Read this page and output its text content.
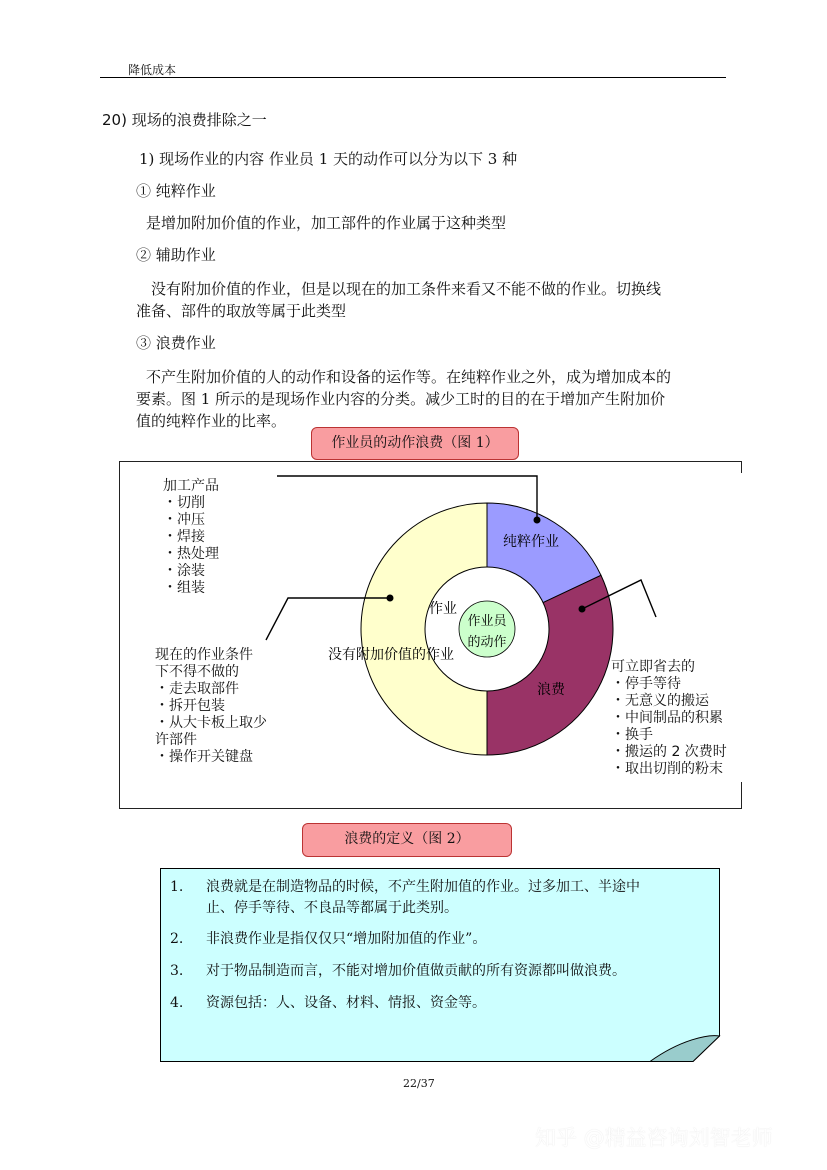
降低成本
20) 现场的浪费排除之一
1) 现场作业的内容 作业员 1 天的动作可以分为以下 3 种
① 纯粹作业
是增加附加价值的作业，加工部件的作业属于这种类型
② 辅助作业
没有附加价值的作业，但是以现在的加工条件来看又不能不做的作业。切换线
准备、部件的取放等属于此类型
③ 浪费作业
不产生附加价值的人的动作和设备的运作等。在纯粹作业之外，成为增加成本的
要素。图 1 所示的是现场作业内容的分类。减少工时的目的在于增加产生附加价
值的纯粹作业的比率。
作业员的动作浪费（图 1）
纯粹作业
没有附加价值的作业
浪费
作业
作业员
的动作
加工产品
・切削
・冲压
・焊接
・热处理
・涂装
・组装
现在的作业条件
下不得不做的
・走去取部件
・拆开包装
・从大卡板上取少
许部件
・操作开关键盘
可立即省去的
・停手等待
・无意义的搬运
・中间制品的积累
・换手
・搬运的 2 次费时
・取出切削的粉末
浪费的定义（图 2）
1. 浪费就是在制造物品的时候，不产生附加值的作业。过多加工、半途中
止、停手等待、不良品等都属于此类别。
2. 非浪费作业是指仅仅只“增加附加值的作业”。
3. 对于物品制造而言，不能对增加价值做贡献的所有资源都叫做浪费。
4. 资源包括：人、设备、材料、情报、资金等。
22/37
知乎 @精益咨询刘智老师
